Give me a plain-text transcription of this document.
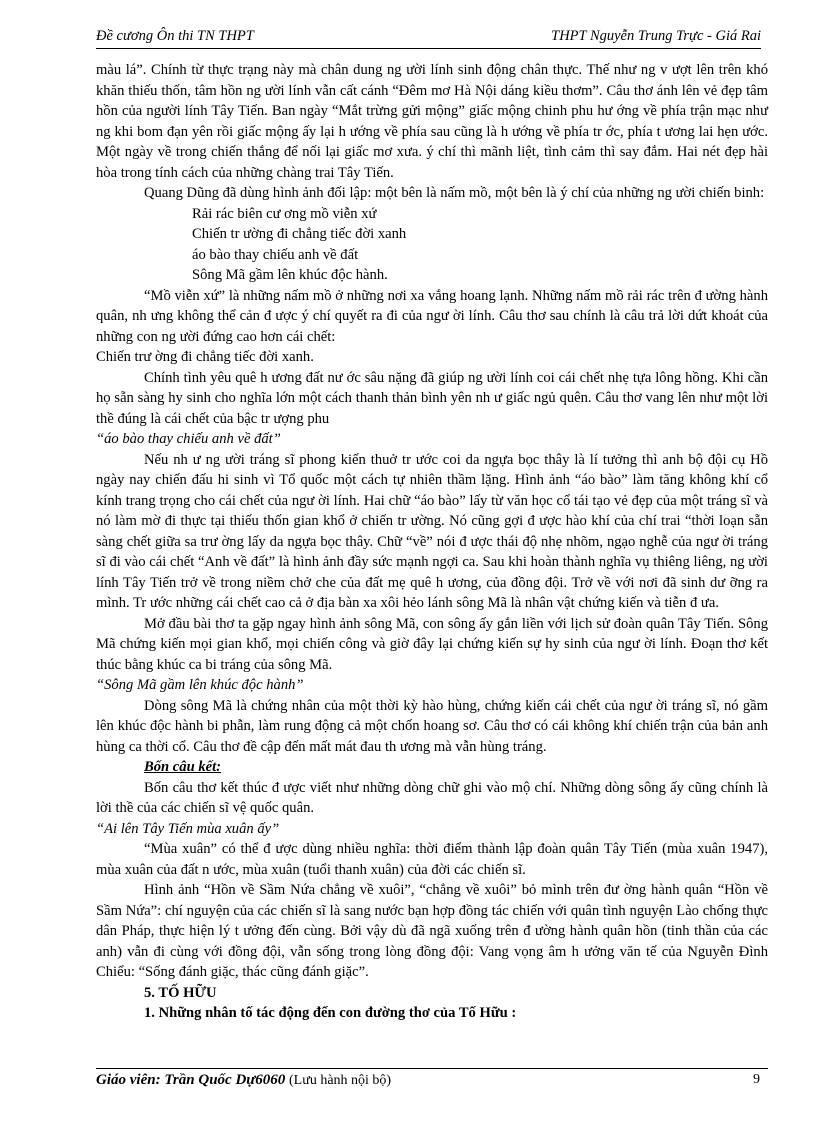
Đề cương Ôn thi TN THPT	THPT Nguyễn Trung Trực - Giá Rai

màu lá”. Chính từ thực trạng này mà chân dung ng ười lính sinh động chân thực. Thế như ng v ượt lên trên khó khăn thiếu thốn, tâm hồn ng ười lính vẫn cất cánh “Đêm mơ Hà Nội dáng kiều thơm”. Câu thơ ánh lên vẻ đẹp tâm hồn của người lính Tây Tiến. Ban ngày “Mắt trừng gửi mộng” giấc mộng chinh phu hư ớng về phía trận mạc như ng khi bom đạn yên rồi giấc mộng ấy lại h ướng về phía sau cũng là h ướng về phía tr ớc, phía t ương lai hẹn ước. Một ngày về trong chiến thắng để nối lại giấc mơ xưa. ý chí thì mãnh liệt, tình cảm thì say đắm. Hai nét đẹp hài hòa trong tính cách của những chàng trai Tây Tiến.

Quang Dũng đã dùng hình ảnh đối lập: một bên là nấm mồ, một bên là ý chí của những ng ười chiến binh:

Rải rác biên cư ơng mồ viễn xứ

Chiến tr ường đi chẳng tiếc đời xanh

áo bào thay chiếu anh về đất

Sông Mã gầm lên khúc độc hành.

“Mồ viễn xứ” là những nấm mồ ở những nơi xa vắng hoang lạnh. Những nấm mồ rải rác trên đ ường hành quân, nh ưng không thể cản đ ược ý chí quyết ra đi của ngư ời lính. Câu thơ sau chính là câu trả lời dứt khoát của những con ng ười đứng cao hơn cái chết:

Chiến trư ờng đi chẳng tiếc đời xanh.

Chính tình yêu quê h ương đất nư ớc sâu nặng đã giúp ng ười lính coi cái chết nhẹ tựa lông hồng. Khi cần họ sẵn sàng hy sinh cho nghĩa lớn một cách thanh thản bình yên nh ư giấc ngủ quên. Câu thơ vang lên như một lời thề đúng là cái chết của bậc tr ượng phu

“áo bào thay chiếu anh về đất”

Nếu nh ư ng ười tráng sĩ phong kiến thuở tr ước coi da ngựa bọc thây là lí tưởng thì anh bộ đội cụ Hồ ngày nay chiến đấu hi sinh vì Tổ quốc một cách tự nhiên thầm lặng. Hình ảnh “áo bào” làm tăng không khí cổ kính trang trọng cho cái chết của ngư ời lính. Hai chữ “áo bào” lấy từ văn học cổ tái tạo vẻ đẹp của một tráng sĩ và nó làm mờ đi thực tại thiếu thốn gian khổ ở chiến tr ường. Nó cũng gợi đ ược hào khí của chí trai “thời loạn sẵn sàng chết giữa sa trư ờng lấy da ngựa bọc thây. Chữ “về” nói đ ược thái độ nhẹ nhõm, ngạo nghễ của ngư ời tráng sĩ đi vào cái chết “Anh về đất” là hình ảnh đầy sức mạnh ngợi ca. Sau khi hoàn thành nghĩa vụ thiêng liêng, ng ười lính Tây Tiến trở về trong niềm chở che của đất mẹ quê h ương, của đồng đội. Trở về với nơi đã sinh dư ỡng ra mình. Tr ước những cái chết cao cả ở địa bàn xa xôi hẻo lánh sông Mã là nhân vật chứng kiến và tiễn đ ưa.

Mở đầu bài thơ ta gặp ngay hình ảnh sông Mã, con sông ấy gắn liền với lịch sử đoàn quân Tây Tiến. Sông Mã chứng kiến mọi gian khổ, mọi chiến công và giờ đây lại chứng kiến sự hy sinh của ngư ời lính. Đoạn thơ kết thúc bằng khúc ca bi tráng của sông Mã.

“Sông Mã gầm lên khúc độc hành”

Dòng sông Mã là chứng nhân của một thời kỳ hào hùng, chứng kiến cái chết của ngư ời tráng sĩ, nó gầm lên khúc độc hành bi phẫn, làm rung động cả một chốn hoang sơ. Câu thơ có cái không khí chiến trận của bản anh hùng ca thời cổ. Câu thơ đề cập đến mất mát đau th ương mà vẫn hùng tráng.

Bốn câu kết:

Bốn câu thơ kết thúc đ ược viết như những dòng chữ ghi vào mộ chí. Những dòng sông ấy cũng chính là lời thề của các chiến sĩ vệ quốc quân.

“Ai lên Tây Tiến mùa xuân ấy”

“Mùa xuân” có thể đ ược dùng nhiều nghĩa: thời điểm thành lập đoàn quân Tây Tiến (mùa xuân 1947), mùa xuân của đất n ước, mùa xuân (tuổi thanh xuân) của đời các chiến sĩ.

Hình ảnh “Hồn về Sầm Nứa chẳng về xuôi”, “chẳng về xuôi” bỏ mình trên đư ờng hành quân “Hồn về Sầm Nứa”: chí nguyện của các chiến sĩ là sang nước bạn hợp đồng tác chiến với quân tình nguyện Lào chống thực dân Pháp, thực hiện lý t ưởng đến cùng. Bởi vậy dù đã ngã xuống trên đ ường hành quân hồn (tinh thần của các anh) vẫn đi cùng với đồng đội, vẫn sống trong lòng đồng đội: Vang vọng âm h ưởng văn tế của Nguyễn Đình Chiểu: “Sống đánh giặc, thác cũng đánh giặc”.

5. TỐ HỮU

1. Những nhân tố tác động đến con đường thơ của Tố Hữu :

Giáo viên: Trần Quốc Dự6060 (Lưu hành nội bộ)	9
